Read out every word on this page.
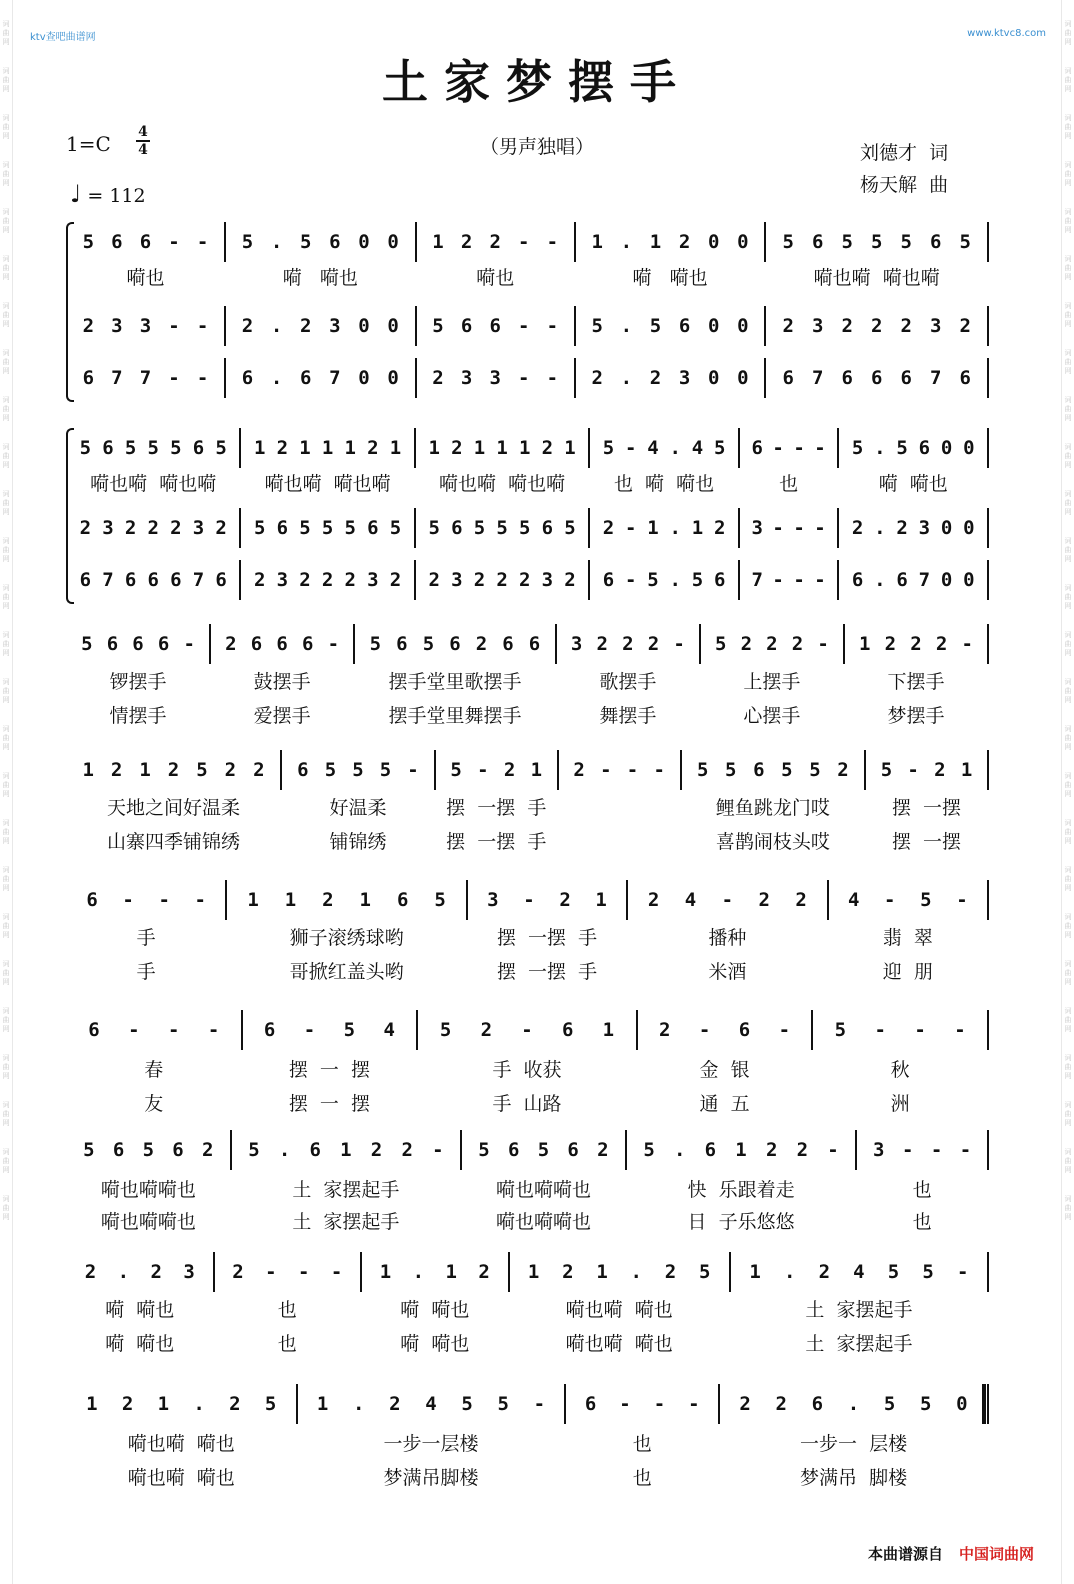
词曲网
词曲网
词曲网
词曲网
词曲网
词曲网
词曲网
词曲网
词曲网
词曲网
词曲网
词曲网
词曲网
词曲网
词曲网
词曲网
词曲网
词曲网
词曲网
词曲网
词曲网
词曲网
词曲网
词曲网
词曲网
词曲网
词曲网
词曲网
词曲网
词曲网
词曲网
词曲网
词曲网
词曲网
词曲网
词曲网
词曲网
词曲网
词曲网
词曲网
词曲网
词曲网
词曲网
词曲网
词曲网
词曲网
词曲网
词曲网
词曲网
词曲网
词曲网
词曲网
ktv查吧曲谱网	www.ktvc8.com
土家梦摆手
（男声独唱）
1=C 4
4
♩ = 112
刘德才  词
杨天解  曲
5 6 6 - - 5 . 5 6 0 0 1 2 2 - - 1 . 1 2 0 0 5 6 5 5 5 6 5
2 3 3 - - 2 . 2 3 0 0 5 6 6 - - 5 . 5 6 0 0 2 3 2 2 2 3 2
6 7 7 - - 6 . 6 7 0 0 2 3 3 - - 2 . 2 3 0 0 6 7 6 6 6 7 6
嗬也	嗬   嗬也	嗬也	嗬   嗬也	嗬也嗬  嗬也嗬
5 6 5 5 5 6 5 1 2 1 1 1 2 1 1 2 1 1 1 2 1 5 - 4 . 4 5 6 - - - 5 . 5 6 0 0
2 3 2 2 2 3 2 5 6 5 5 5 6 5 5 6 5 5 5 6 5 2 - 1 . 1 2 3 - - - 2 . 2 3 0 0
6 7 6 6 6 7 6 2 3 2 2 2 3 2 2 3 2 2 2 3 2 6 - 5 . 5 6 7 - - - 6 . 6 7 0 0
嗬也嗬  嗬也嗬	嗬也嗬  嗬也嗬	嗬也嗬  嗬也嗬	也  嗬  嗬也	也	嗬  嗬也
5 6 6 6 - 2 6 6 6 - 5 6 5 6 2 6 6 3 2 2 2 - 5 2 2 2 - 1 2 2 2 -
锣摆手	鼓摆手	摆手堂里歌摆手	歌摆手	上摆手	下摆手
情摆手	爱摆手	摆手堂里舞摆手	舞摆手	心摆手	梦摆手
1 2 1 2 5 2 2 6 5 5 5 - 5 - 2 1 2 - - - 5 5 6 5 5 2 5 - 2 1
天地之间好温柔	好温柔	摆  一摆  手	鲤鱼跳龙门哎	摆  一摆
山寨四季铺锦绣	铺锦绣	摆  一摆  手	喜鹊闹枝头哎	摆  一摆
6 - - - 1 1 2 1 6 5 3 - 2 1 2 4 - 2 2 4 - 5 -
手	狮子滚绣球哟	摆  一摆  手	播种	翡  翠
手	哥掀红盖头哟	摆  一摆  手	米酒	迎  朋
6 - - - 6 - 5 4 5 2 - 6 1 2 - 6 - 5 - - -
春	摆  一  摆	手  收获	金  银	秋
友	摆  一  摆	手  山路	通  五	洲
5 6 5 6 2 5 . 6 1 2 2 - 5 6 5 6 2 5 . 6 1 2 2 - 3 - - -
嗬也嗬嗬也	土  家摆起手	嗬也嗬嗬也	快  乐跟着走	也
嗬也嗬嗬也	土  家摆起手	嗬也嗬嗬也	日  子乐悠悠	也
2 . 2 3 2 - - - 1 . 1 2 1 2 1 . 2 5 1 . 2 4 5 5 -
嗬  嗬也	也	嗬  嗬也	嗬也嗬  嗬也	土  家摆起手
嗬  嗬也	也	嗬  嗬也	嗬也嗬  嗬也	土  家摆起手
1 2 1 . 2 5 1 . 2 4 5 5 - 6 - - - 2 2 6 . 5 5 0
嗬也嗬  嗬也	一步一层楼	也	一步一  层楼
嗬也嗬  嗬也	梦满吊脚楼	也	梦满吊  脚楼
本曲谱源自 中国词曲网
